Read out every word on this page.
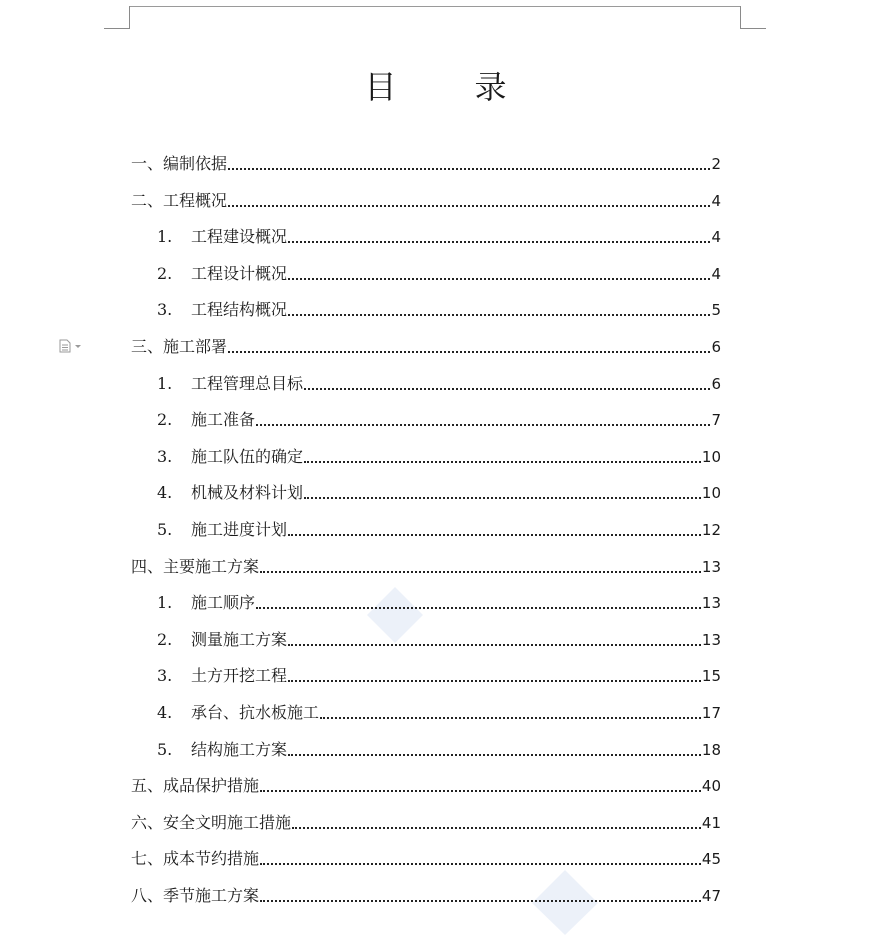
目 录
一、 编制依据	2
二、 工程概况	4
1.	工程建设概况	4
2.	工程设计概况	4
3.	工程结构概况	5
三、 施工部署	6
1.	工程管理总目标	6
2.	施工准备	7
3.	施工队伍的确定	10
4.	机械及材料计划	10
5.	施工进度计划	12
四、 主要施工方案	13
1.	施工顺序	13
2.	测量施工方案	13
3.	土方开挖工程	15
4.	承台、抗水板施工	17
5.	结构施工方案	18
五、 成品保护措施	40
六、 安全文明施工措施	41
七、 成本节约措施	45
八、 季节施工方案	47
